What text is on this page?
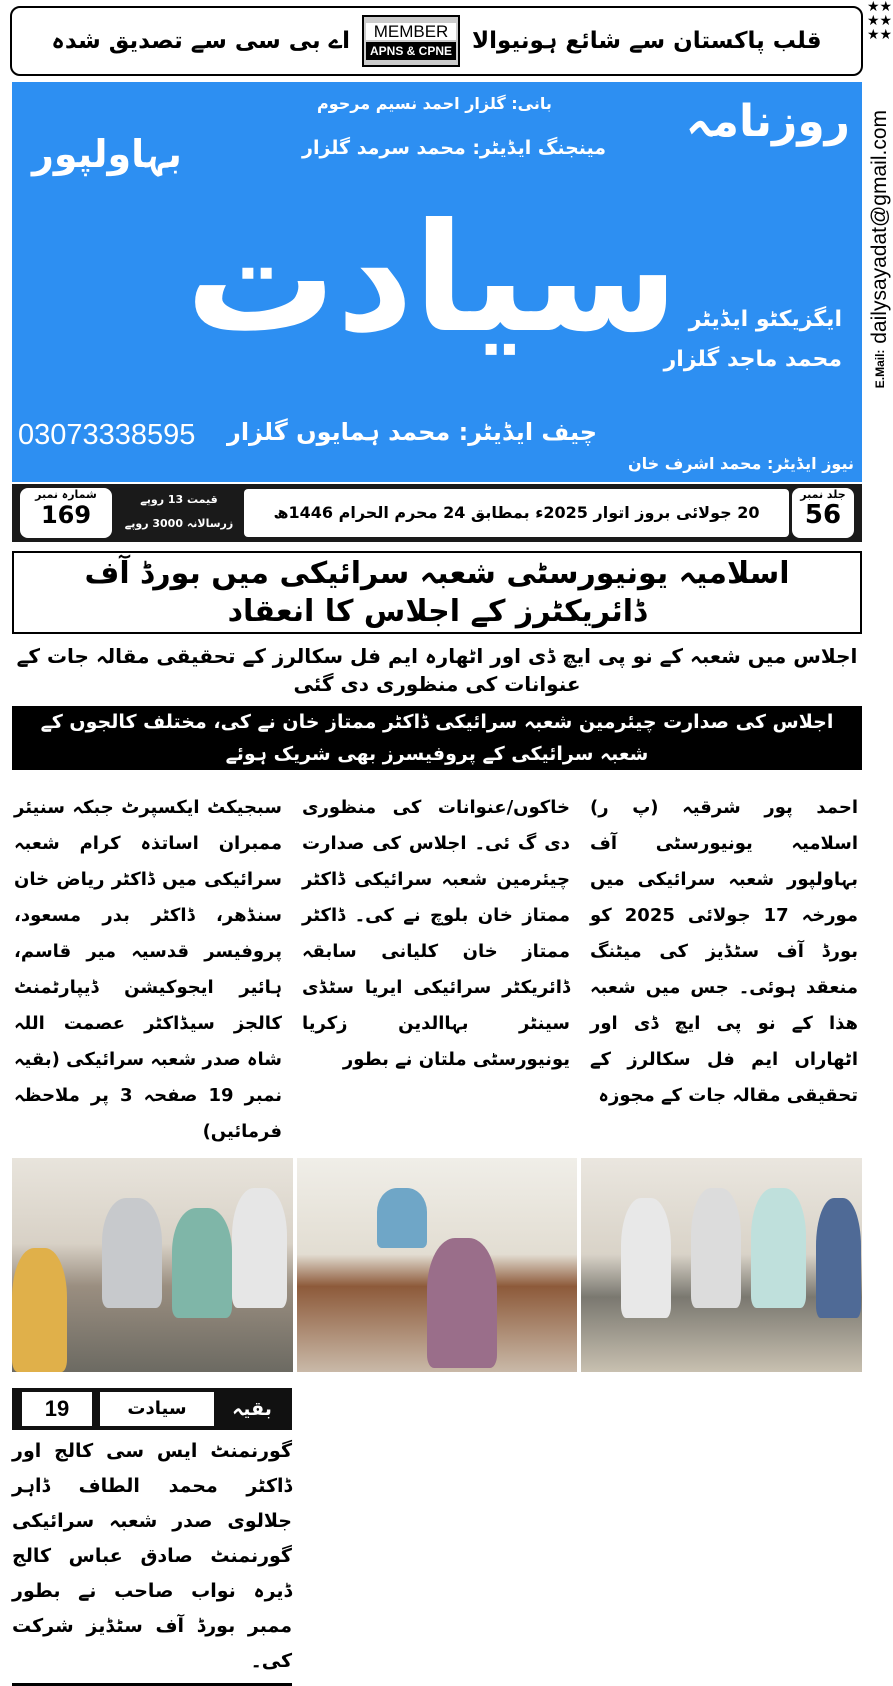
قلب پاکستان سے شائع ہونیوالا
MEMBER
APNS & CPNE
اے بی سی سے تصدیق شدہ
★★★★★★
E.Mail: dailysayadat@gmail.com
سیادت
روزنامہ
بہاولپور
بانی: گلزار احمد نسیم مرحوم
مینجنگ ایڈیٹر: محمد سرمد گلزار
ایگزیکٹو ایڈیٹر
محمد ماجد گلزار
03073338595 چیف ایڈیٹر: محمد ہمایوں گلزار
نیوز ایڈیٹر: محمد اشرف خان
جلد نمبر
56
20 جولائی بروز اتوار 2025ء بمطابق 24 محرم الحرام 1446ھ
قیمت 13 روپے
زرسالانہ 3000 روپے
شمارہ نمبر
169
اسلامیہ یونیورسٹی شعبہ سرائیکی میں بورڈ آف ڈائریکٹرز کے اجلاس کا انعقاد
اجلاس میں شعبہ کے نو پی ایچ ڈی اور اٹھارہ ایم فل سکالرز کے تحقیقی مقالہ جات کے عنوانات کی منظوری دی گئی
اجلاس کی صدارت چیئرمین شعبہ سرائیکی ڈاکٹر ممتاز خان نے کی، مختلف کالجوں کے شعبہ سرائیکی کے پروفیسرز بھی شریک ہوئے
احمد پور شرقیہ (پ ر) اسلامیہ یونیورسٹی آف بہاولپور شعبہ سرائیکی میں مورخہ 17 جولائی 2025 کو بورڈ آف سٹڈیز کی میٹنگ منعقد ہوئی۔ جس میں شعبہ ھذا کے نو پی ایچ ڈی اور اٹھاراں ایم فل سکالرز کے تحقیقی مقالہ جات کے مجوزہ
خاکوں/عنوانات کی منظوری دی گ ئی۔ اجلاس کی صدارت چیئرمین شعبہ سرائیکی ڈاکٹر ممتاز خان بلوچ نے کی۔ ڈاکٹر ممتاز خان کلیانی سابقہ ڈائریکٹر سرائیکی ایریا سٹڈی سینٹر بہاالدین زکریا یونیورسٹی ملتان نے بطور
سبجیکٹ ایکسپرٹ جبکہ سنیئر ممبران اساتذہ کرام شعبہ سرائیکی میں ڈاکٹر ریاض خان سنڈھر، ڈاکٹر بدر مسعود، پروفیسر قدسیہ میر قاسم، ہائیر ایجوکیشن ڈیپارٹمنٹ کالجز سیڈاکٹر عصمت اللہ شاہ صدر شعبہ سرائیکی (بقیہ نمبر 19 صفحہ 3 پر ملاحظہ فرمائیں)
بقیہ
سیادت
19
گورنمنٹ ایس سی کالج اور ڈاکٹر محمد الطاف ڈاہر جلالوی صدر شعبہ سرائیکی گورنمنٹ صادق عباس کالج ڈیرہ نواب صاحب نے بطور ممبر بورڈ آف سٹڈیز شرکت کی۔
